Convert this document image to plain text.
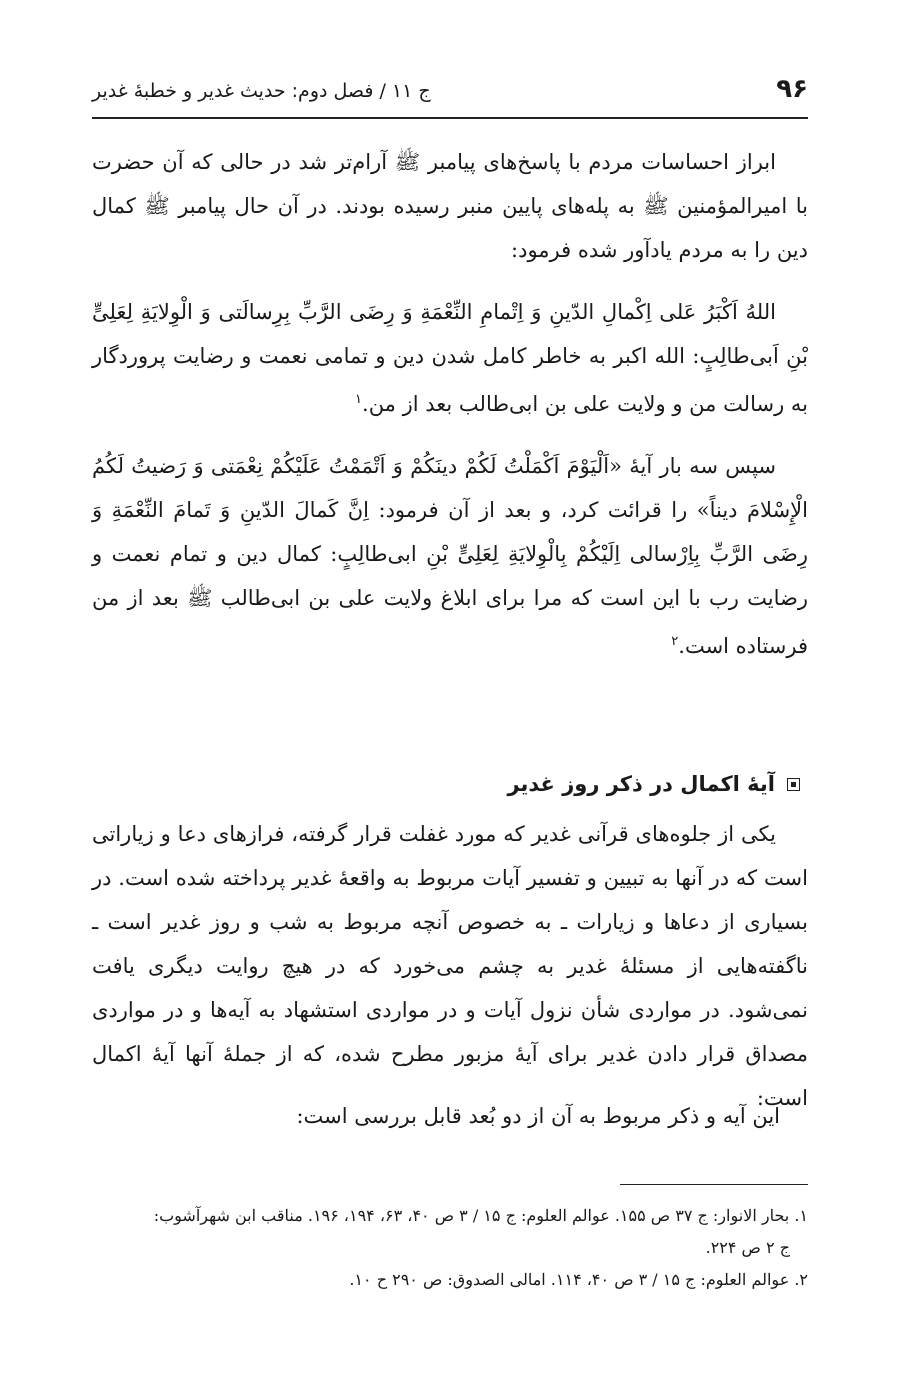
۹۶
ج ۱۱ / فصل دوم: حدیث غدیر و خطبهٔ غدیر

ابراز احساسات مردم با پاسخ‌های پیامبر ﷺ آرام‌تر شد در حالی که آن حضرت با امیرالمؤمنین ﷺ به پله‌های پایین منبر رسیده بودند. در آن حال پیامبر ﷺ کمال دین را به مردم یادآور شده فرمود:

اللهُ اَکْبَرُ عَلی اِکْمالِ الدّینِ وَ اِتْمامِ النِّعْمَةِ وَ رِضَی الرَّبِّ بِرِسالَتی وَ الْوِلایَةِ لِعَلِیٍّ بْنِ اَبی‌طالِبٍ: الله اکبر به خاطر کامل شدن دین و تمامی نعمت و رضایت پروردگار به رسالت من و ولایت علی بن ابی‌طالب بعد از من.$^۱$

سپس سه بار آیهٔ «اَلْیَوْمَ اَکْمَلْتُ لَکُمْ دینَکُمْ وَ اَتْمَمْتُ عَلَیْکُمْ نِعْمَتی وَ رَضیتُ لَکُمُ الْإِسْلامَ دیناً» را قرائت کرد، و بعد از آن فرمود: اِنَّ کَمالَ الدّینِ وَ تَمامَ النِّعْمَةِ وَ رِضَی الرَّبِّ بِاِرْسالی اِلَیْکُمْ بِالْوِلایَةِ لِعَلِیٍّ بْنِ ابی‌طالِبٍ: کمال دین و تمام نعمت و رضایت رب با این است که مرا برای ابلاغ ولایت علی بن ابی‌طالب ﷺ بعد از من فرستاده است.$^۲$

آیهٔ اکمال در ذکر روز غدیر

یکی از جلوه‌های قرآنی غدیر که مورد غفلت قرار گرفته، فرازهای دعا و زیاراتی است که در آنها به تبیین و تفسیر آیات مربوط به واقعهٔ غدیر پرداخته شده است. در بسیاری از دعاها و زیارات ـ به خصوص آنچه مربوط به شب و روز غدیر است ـ ناگفته‌هایی از مسئلهٔ غدیر به چشم می‌خورد که در هیچ روایت دیگری یافت نمی‌شود. در مواردی شأن نزول آیات و در مواردی استشهاد به آیه‌ها و در مواردی مصداق قرار دادن غدیر برای آیهٔ مزبور مطرح شده، که از جملهٔ آنها آیهٔ اکمال است:

این آیه و ذکر مربوط به آن از دو بُعد قابل بررسی است:

۱. بحار الانوار: ج ۳۷ ص ۱۵۵. عوالم العلوم: ج ۱۵ / ۳ ص ۴۰، ۶۳، ۱۹۴، ۱۹۶. مناقب ابن شهرآشوب:

ج ۲ ص ۲۲۴.

۲. عوالم العلوم: ج ۱۵ / ۳ ص ۴۰، ۱۱۴. امالی الصدوق: ص ۲۹۰ ح ۱۰.
